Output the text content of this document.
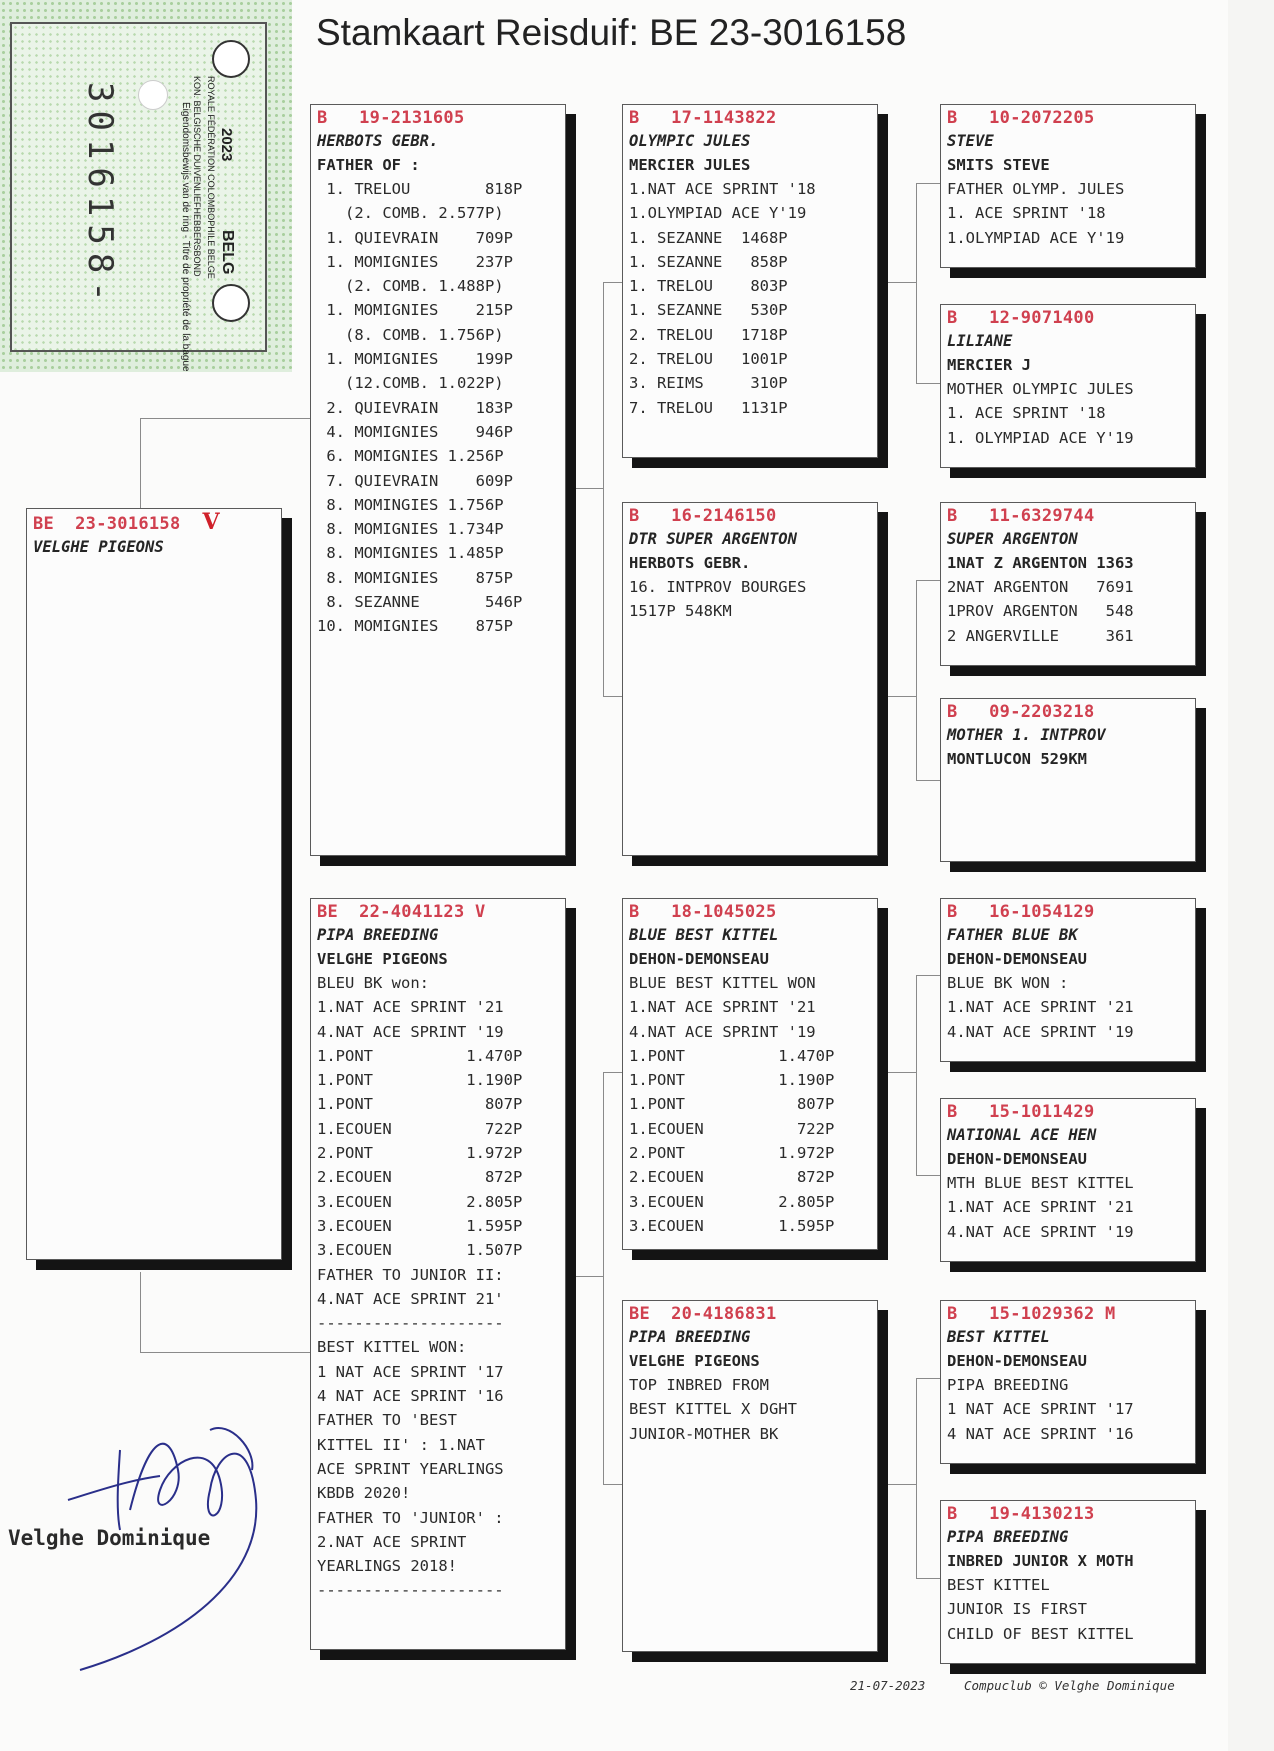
3016158-	Eigendomsbewijs van de ring - Titre de propriété de la bague KON. BELGISCHE DUIVENLIEFHEBBERSBOND ROYALE FÉDÉRATION COLOMBOPHILE BELGE 2023
BELG
Stamkaart Reisduif: BE 23-3016158
BE  23-3016158 V
VELGHE PIGEONS
B   19-2131605
HERBOTS GEBR.
FATHER OF :
1. TRELOU        818P
(2. COMB. 2.577P)
1. QUIEVRAIN    709P
1. MOMIGNIES    237P
(2. COMB. 1.488P)
1. MOMIGNIES    215P
(8. COMB. 1.756P)
1. MOMIGNIES    199P
(12.COMB. 1.022P)
2. QUIEVRAIN    183P
4. MOMIGNIES    946P
6. MOMIGNIES 1.256P
7. QUIEVRAIN    609P
8. MOMINGIES 1.756P
8. MOMIGNIES 1.734P
8. MOMIGNIES 1.485P
8. MOMIGNIES    875P
8. SEZANNE       546P
10. MOMIGNIES    875P
BE  22-4041123 V
PIPA BREEDING
VELGHE PIGEONS
BLEU BK won:
1.NAT ACE SPRINT '21
4.NAT ACE SPRINT '19
1.PONT          1.470P
1.PONT          1.190P
1.PONT            807P
1.ECOUEN          722P
2.PONT          1.972P
2.ECOUEN          872P
3.ECOUEN        2.805P
3.ECOUEN        1.595P
3.ECOUEN        1.507P
FATHER TO JUNIOR II:
4.NAT ACE SPRINT 21'
--------------------
BEST KITTEL WON:
1 NAT ACE SPRINT '17
4 NAT ACE SPRINT '16
FATHER TO 'BEST
KITTEL II' : 1.NAT
ACE SPRINT YEARLINGS
KBDB 2020!
FATHER TO 'JUNIOR' :
2.NAT ACE SPRINT
YEARLINGS 2018!
--------------------
B   17-1143822
OLYMPIC JULES
MERCIER JULES
1.NAT ACE SPRINT '18
1.OLYMPIAD ACE Y'19
1. SEZANNE  1468P
1. SEZANNE   858P
1. TRELOU    803P
1. SEZANNE   530P
2. TRELOU   1718P
2. TRELOU   1001P
3. REIMS     310P
7. TRELOU   1131P
B   16-2146150
DTR SUPER ARGENTON
HERBOTS GEBR.
16. INTPROV BOURGES
1517P 548KM
B   18-1045025
BLUE BEST KITTEL
DEHON-DEMONSEAU
BLUE BEST KITTEL WON
1.NAT ACE SPRINT '21
4.NAT ACE SPRINT '19
1.PONT          1.470P
1.PONT          1.190P
1.PONT            807P
1.ECOUEN          722P
2.PONT          1.972P
2.ECOUEN          872P
3.ECOUEN        2.805P
3.ECOUEN        1.595P
BE  20-4186831
PIPA BREEDING
VELGHE PIGEONS
TOP INBRED FROM
BEST KITTEL X DGHT
JUNIOR-MOTHER BK
B   10-2072205
STEVE
SMITS STEVE
FATHER OLYMP. JULES
1. ACE SPRINT '18
1.OLYMPIAD ACE Y'19
B   12-9071400
LILIANE
MERCIER J
MOTHER OLYMPIC JULES
1. ACE SPRINT '18
1. OLYMPIAD ACE Y'19
B   11-6329744
SUPER ARGENTON
1NAT Z ARGENTON 1363
2NAT ARGENTON   7691
1PROV ARGENTON   548
2 ANGERVILLE     361
B   09-2203218
MOTHER 1. INTPROV
MONTLUCON 529KM
B   16-1054129
FATHER BLUE BK
DEHON-DEMONSEAU
BLUE BK WON :
1.NAT ACE SPRINT '21
4.NAT ACE SPRINT '19
B   15-1011429
NATIONAL ACE HEN
DEHON-DEMONSEAU
MTH BLUE BEST KITTEL
1.NAT ACE SPRINT '21
4.NAT ACE SPRINT '19
B   15-1029362 M
BEST KITTEL
DEHON-DEMONSEAU
PIPA BREEDING
1 NAT ACE SPRINT '17
4 NAT ACE SPRINT '16
B   19-4130213
PIPA BREEDING
INBRED JUNIOR X MOTH
BEST KITTEL
JUNIOR IS FIRST
CHILD OF BEST KITTEL
Velghe Dominique
21-07-2023	Compuclub © Velghe Dominique
